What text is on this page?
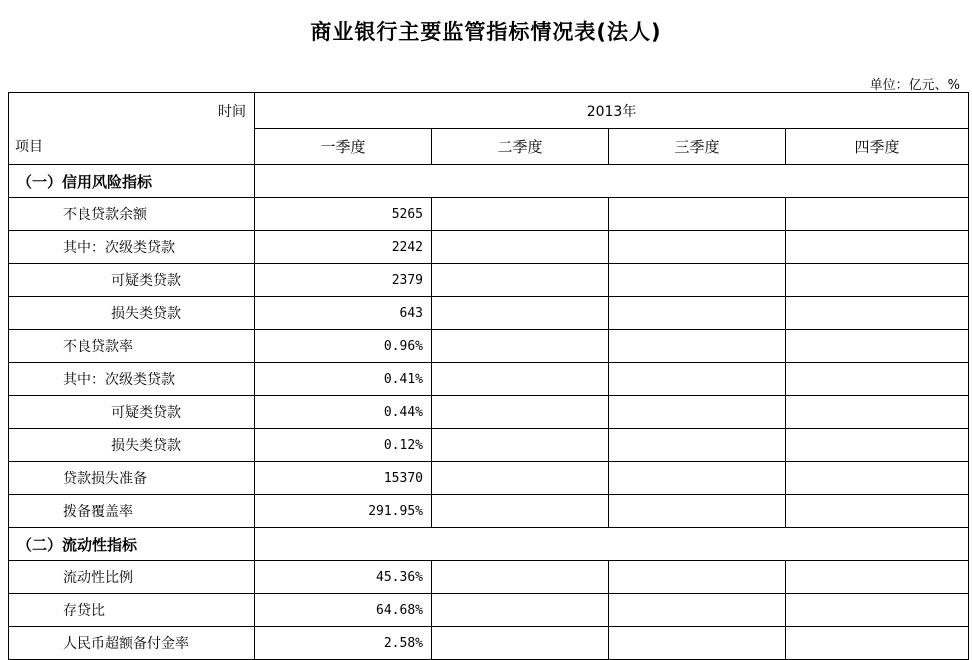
商业银行主要监管指标情况表(法人)
单位：亿元、%
时间	2013年			
项目	一季度	二季度	三季度	四季度
（一）信用风险指标				
不良贷款余额	5265			
其中：次级类贷款	2242			
可疑类贷款	2379			
损失类贷款	643			
不良贷款率	0.96%			
其中：次级类贷款	0.41%			
可疑类贷款	0.44%			
损失类贷款	0.12%			
贷款损失准备	15370			
拨备覆盖率	291.95%			
（二）流动性指标				
流动性比例	45.36%			
存贷比	64.68%			
人民币超额备付金率	2.58%			
